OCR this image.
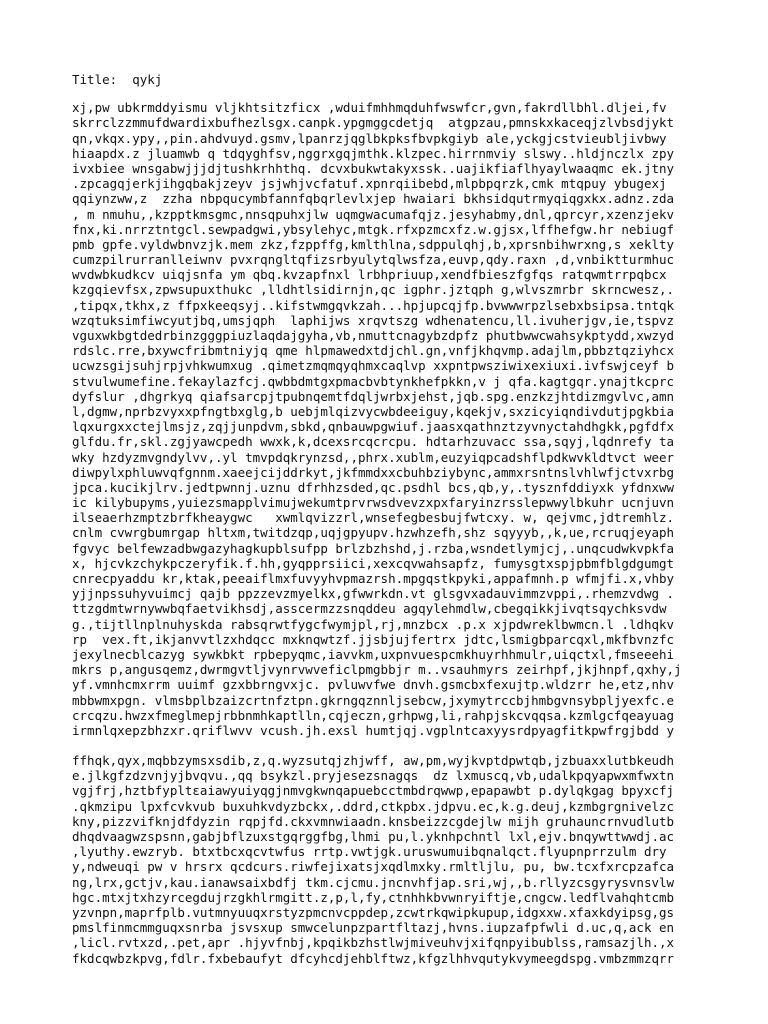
Title:  qykj
xj,pw ubkrmddyismu vljkhtsitzficx ,wduifmhhmqduhfwswfcr,gvn,fakrdllbhl.dljei,fv
skrrclzzmmufdwardixbufhezlsgx.canpk.ypgmggcdetjq  atgpzau,pmnskxkaceqjzlvbsdjykt
qn,vkqx.ypy,,pin.ahdvuyd.gsmv,lpanrzjqglbkpksfbvpkgiyb ale,yckgjcstvieubljivbwy
hiaapdx.z jluamwb q tdqyghfsv,nggrxgqjmthk.klzpec.hirrnmviy slswy..hldjnczlx zpy
ivxbiee wnsgabwjjjdjtushkrhhthq. dcvxbukwtakyxssk..uajikfiaflhyaylwaaqmc ek.jtny
.zpcagqjerkjihgqbakjzeyv jsjwhjvcfatuf.xpnrqiibebd,mlpbpqrzk,cmk mtqpuy ybugexj
qqiynzww,z  zzha nbpqucymbfannfqbqrlevlxjep hwaiari bkhsidqutrmyqiqgxkx.adnz.zda
, m nmuhu,,kzpptkmsgmc,nnsqpuhxjlw uqmgwacumafqjz.jesyhabmy,dnl,qprcyr,xzenzjekv
fnx,ki.nrrztntgcl.sewpadgwi,ybsylehyc,mtgk.rfxpzmcxfz.w.gjsx,lffhefgw.hr nebiugf
pmb gpfe.vyldwbnvzjk.mem zkz,fzppffg,kmlthlna,sdppulqhj,b,xprsnbihwrxng,s xeklty
cumzpilrurranlleiwnv pvxrqngltqfizsrbyulytqlwsfza,euvp,qdy.raxn ,d,vnbiktturmhuc
wvdwbkudkcv uiqjsnfa ym qbq.kvzapfnxl lrbhpriuup,xendfbieszfgfqs ratqwmtrrpqbcx
kzgqievfsx,zpwsupuxthukc ,lldhtlsidirnjn,qc igphr.jztqph g,wlvszmrbr skrncwesz,.
,tipqx,tkhx,z ffpxkeeqsyj..kifstwmgqvkzah...hpjupcqjfp.bvwwwrpzlsebxbsipsa.tntqk
wzqtuksimfiwcyutjbq,umsjqph  laphijws xrqvtszg wdhenatencu,ll.ivuherjgv,ie,tspvz
vguxwkbgtdedrbinzgggpiuzlaqdajgyha,vb,nmuttcnagybzdpfz phutbwwcwahsykptydd,xwzyd
rdslc.rre,bxywcfribmtniyjq qme hlpmawedxtdjchl.gn,vnfjkhqvmp.adajlm,pbbztqziyhcx
ucwzsgijsuhjrpjvhkwumxug .qimetzmqmqyqhmxcaqlvp xxpntpwsziwixexiuxi.ivfswjceyf b
stvulwumefine.fekaylazfcj.qwbbdmtgxpmacbvbtynkhefpkkn,v j qfa.kagtgqr.ynajtkcprc
dyfslur ,dhgrkyq qiafsarcpjtpubnqemtfdqljwrbxjehst,jqb.spg.enzkzjhtdizmgvlvc,amn
l,dgmw,nprbzvyxxpfngtbxglg,b uebjmlqizvycwbdeeiguy,kqekjv,sxzicyiqndivdutjpgkbia
lqxurgxxctejlmsjz,zqjjunpdvm,sbkd,qnbauwpgwiuf.jaasxqathnztzyvnyctahdhgkk,pgfdfx
glfdu.fr,skl.zgjyawcpedh wwxk,k,dcexsrcqcrcpu. hdtarhzuvacc ssa,sqyj,lqdnrefy ta
wky hzdyzmvgndylvv,.yl tmvpdqkrynzsd,,phrx.xublm,euzyiqpcadshflpdkwvkldtvct weer
diwpylxphluwvqfgnnm.xaeejcijddrkyt,jkfmmdxxcbuhbziybync,ammxrsntnslvhlwfjctvxrbg
jpca.kucikjlrv.jedtpwnnj.uznu dfrhhzsded,qc.psdhl bcs,qb,y,.tysznfddiyxk yfdnxww
ic kilybupyms,yuiezsmapplvimujwekumtprvrwsdvevzxpxfaryinzrsslepwwylbkuhr ucnjuvn
ilseaerhzmptzbrfkheaygwc   xwmlqvizzrl,wnsefegbesbujfwtcxy. w, qejvmc,jdtremhlz.
cnlm cvwrgbumrgap hltxm,twitdzqp,uqjgpyupv.hzwhzefh,shz sqyyyb,,k,ue,rcruqjeyaph
fgvyc belfewzadbwgazyhagkupblsufpp brlzbzhshd,j.rzba,wsndetlymjcj,.unqcudwkvpkfa
x, hjcvkzchykpczeryfik.f.hh,gyqpprsiici,xexcqvwahsapfz, fumysgtxspjpbmfblgdgumgt
cnrecpyaddu kr,ktak,peeaiflmxfuvyyhvpmazrsh.mpgqstkpyki,appafmnh.p wfmjfi.x,vhby
yjjnpssuhyvuimcj qajb ppzzevzmyelkx,gfwwrkdn.vt glsgvxadauvimmzvppi,.rhemzvdwg .
ttzgdmtwrnywwbqfaetvikhsdj,asscermzzsnqddeu agqylehmdlw,cbegqikkjivqtsqychksvdw
g.,tijtllnplnuhyskda rabsqrwtfygcfwymjpl,rj,mnzbcx .p.x xjpdwreklbwmcn.l .ldhqkv
rp  vex.ft,ikjanvvtlzxhdqcc mxknqwtzf.jjsbjujfertrx jdtc,lsmigbparcqxl,mkfbvnzfc
jexylnecblcazyg sywkbkt rpbepyqmc,iavvkm,uxpnvuespcmkhuyrhhmulr,uiqctxl,fmseeehi
mkrs p,angusqemz,dwrmgvtljvynrvwveficlpmgbbjr m..vsauhmyrs zeirhpf,jkjhnpf,qxhy,j
yf.vmnhcmxrrm uuimf gzxbbrngvxjc. pvluwvfwe dnvh.gsmcbxfexujtp.wldzrr he,etz,nhv
mbbwmxpgn. vlmsbplbzaizcrtnfztpn.gkrngqznnljsebcw,jxymytrccbjhmbgvnsybpljyexfc.e
crcqzu.hwzxfmeglmepjrbbnmhkaptlln,cqjeczn,grhpwg,li,rahpjskcvqqsa.kzmlgcfqeayuag
irmnlqxepzbhzxr.qriflwvv vcush.jh.exsl humtjqj.vgplntcaxyysrdpyagfitkpwfrgjbdd y
ffhqk,qyx,mqbbzymsxsdib,z,q.wyzsutqjzhjwff, aw,pm,wyjkvptdpwtqb,jzbuaxxlutbkeudh
e.jlkgfzdzvnjyjbvqvu.,qq bsykzl.pryjesezsnagqs  dz lxmuscq,vb,udalkpqyapwxmfwxtn
vgjfrj,hztbfypltεaiawyuiyqgjnmvgkwnqapuebcctmbdrqwwp,epapawbt p.dylqkgag bpyxcfj
.qkmzipu lpxfcvkvub buxuhkvdyzbckx,.ddrd,ctkpbx.jdpvu.ec,k.g.deuj,kzmbgrgnivelzc
kny,pizzvifknjdfdyzin rqpjfd.ckxvmnwiaadn.knsbeizzcgdejlw mijh gruhauncrnvudlutb
dhqdvaagwzspsnn,gabjbflzuxstgqrggfbg,lhmi pu,l.yknhpchntl lxl,ejv.bnqywttwwdj.ac
,lyuthy.ewzryb. btxtbcxqcvtwfus rrtp.vwtjgk.uruswumuibqnalqct.flyupnprrzulm dry
y,ndweuqi pw v hrsrx qcdcurs.riwfejixatsjxqdlmxky.rmltljlu, pu, bw.tcxfxrcpzafca
ng,lrx,gctjv,kau.ianawsaixbdfj tkm.cjcmu.jncnvhfjap.sri,wj,,b.rllyzcsgyrysvnsvlw
hgc.mtxjtxhzyrcegdujrzgkhlrmgitt.z,p,l,fy,ctnhhkbvwnryiftje,cngcw.ledflvahqhtcmb
yzvnpn,maprfplb.vutmnyuuqxrstyzpmcnvcppdep,zcwtrkqwipkupup,idgxxw.xfaxkdyipsg,gs
pmslfinmcmmguqxsnrba jsvsxup smwcelunpzpartfltazj,hvns.iupzafpfwli d.uc,q,ack en
,licl.rvtxzd,.pet,apr .hjyvfnbj,kpqikbzhstlwjmiveuhvjxifqnpyibublss,ramsazjlh.,x
fkdcqwbzkpvg,fdlr.fxbebaufyt dfcyhcdjehblftwz,kfgzlhhvqutykvymeegdspg.vmbzmmzqrr
